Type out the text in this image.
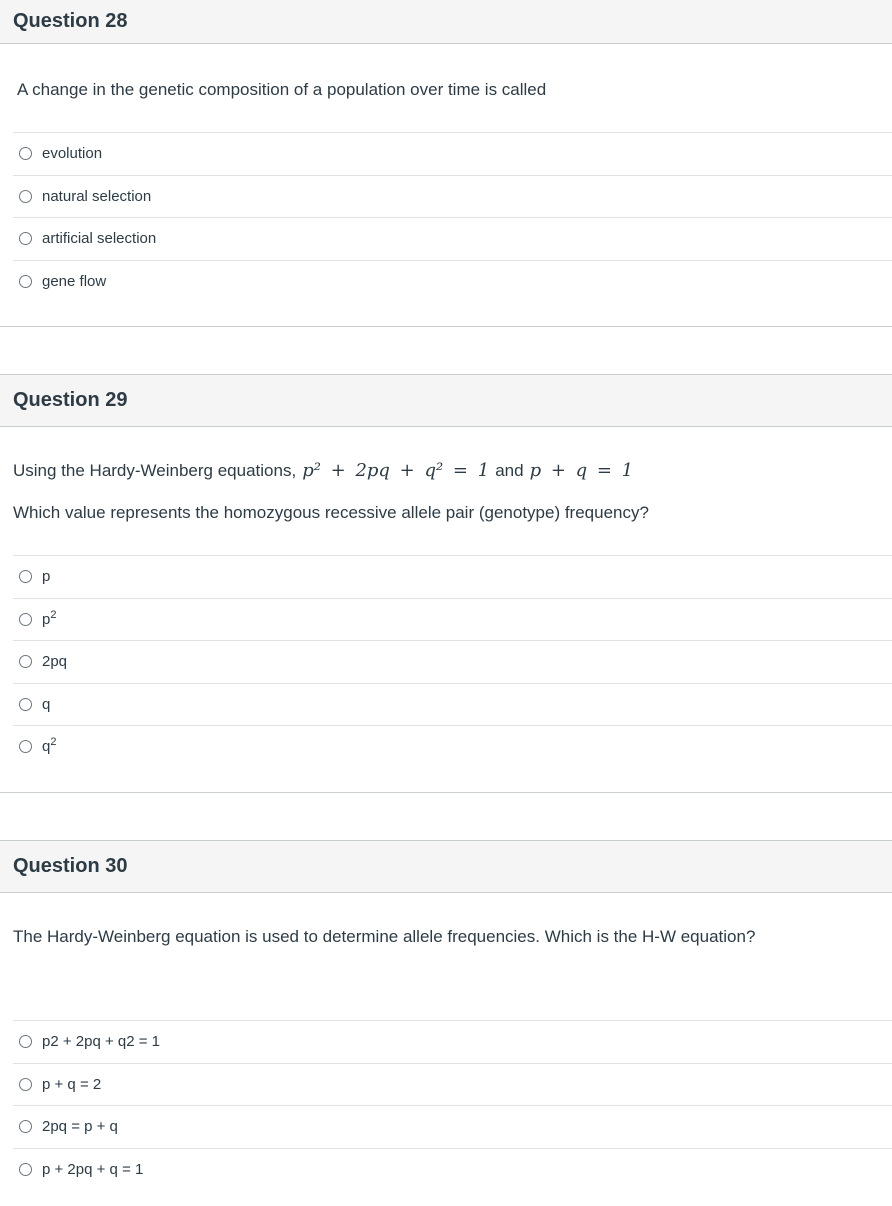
Question 28
A change in the genetic composition of a population over time is called
evolution
natural selection
artificial selection
gene flow
Question 29
Using the Hardy-Weinberg equations, p² + 2pq + q² = 1 and p + q = 1
Which value represents the homozygous recessive allele pair (genotype) frequency?
p
$p^2$
2pq
q
$q^2$
Question 30
The Hardy-Weinberg equation is used to determine allele frequencies. Which is the H-W equation?
p2 + 2pq + q2 = 1
p + q = 2
2pq = p + q
p + 2pq + q = 1
